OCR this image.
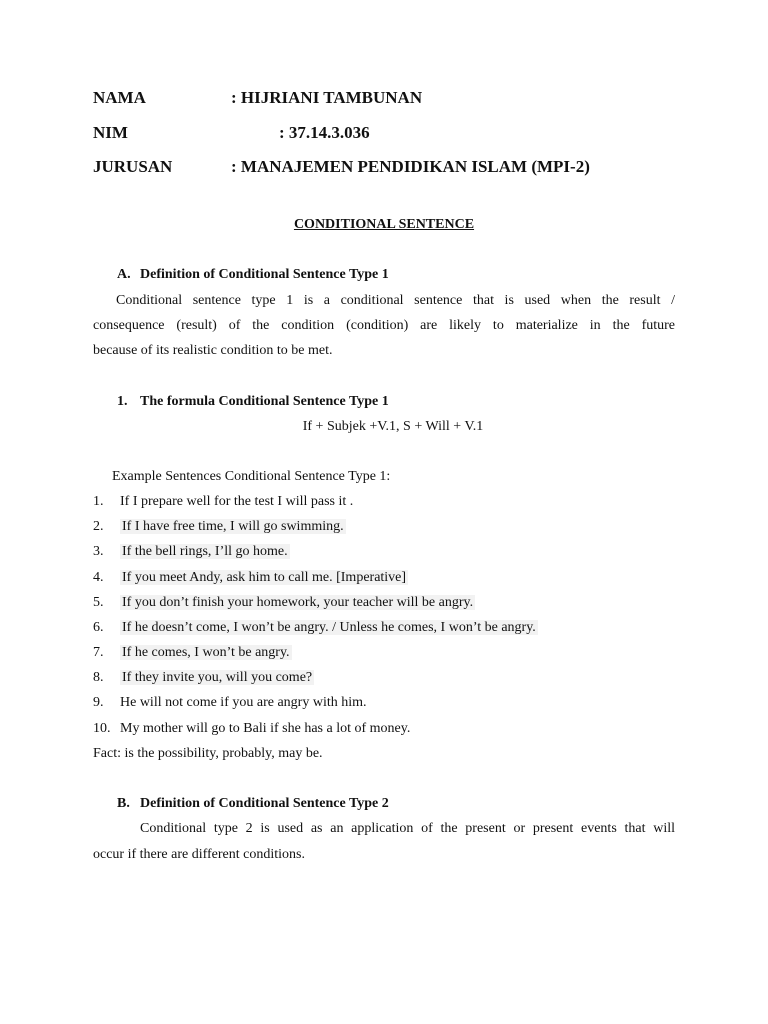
NAMA	: HIJRIANI TAMBUNAN
NIM	: 37.14.3.036
JURUSAN	: MANAJEMEN PENDIDIKAN ISLAM (MPI-2)
CONDITIONAL SENTENCE
A. Definition of Conditional Sentence Type 1
Conditional sentence type 1 is a conditional sentence that is used when the result /
consequence (result) of the condition (condition) are likely to materialize in the future
because of its realistic condition to be met.
1. The formula Conditional Sentence Type 1
If + Subjek +V.1, S + Will + V.1
Example Sentences Conditional Sentence Type 1:
1. If I prepare well for the test I will pass it .
2. If I have free time, I will go swimming.
3. If the bell rings, I’ll go home.
4. If you meet Andy, ask him to call me. [Imperative]
5. If you don’t finish your homework, your teacher will be angry.
6. If he doesn’t come, I won’t be angry. / Unless he comes, I won’t be angry.
7. If he comes, I won’t be angry.
8. If they invite you, will you come?
9. He will not come if you are angry with him.
10. My mother will go to Bali if she has a lot of money.
Fact: is the possibility, probably, may be.
B. Definition of Conditional Sentence Type 2
Conditional type 2 is used as an application of the present or present events that will
occur if there are different conditions.
